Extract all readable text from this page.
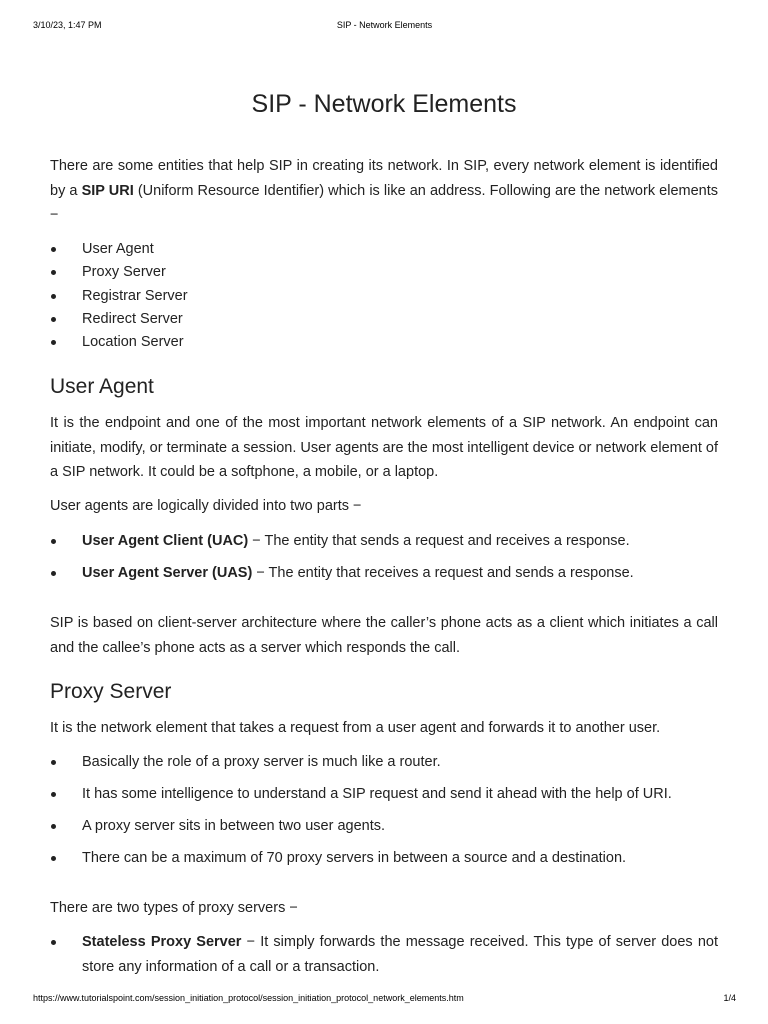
3/10/23, 1:47 PM	SIP - Network Elements
SIP - Network Elements

There are some entities that help SIP in creating its network. In SIP, every network element is identified by a SIP URI (Uniform Resource Identifier) which is like an address. Following are the network elements −

User Agent
Proxy Server
Registrar Server
Redirect Server
Location Server
User Agent

It is the endpoint and one of the most important network elements of a SIP network. An endpoint can initiate, modify, or terminate a session. User agents are the most intelligent device or network element of a SIP network. It could be a softphone, a mobile, or a laptop.

User agents are logically divided into two parts −

User Agent Client (UAC) − The entity that sends a request and receives a response.
User Agent Server (UAS) − The entity that receives a request and sends a response.

SIP is based on client-server architecture where the caller’s phone acts as a client which initiates a call and the callee’s phone acts as a server which responds the call.

Proxy Server

It is the network element that takes a request from a user agent and forwards it to another user.

Basically the role of a proxy server is much like a router.
It has some intelligence to understand a SIP request and send it ahead with the help of URI.
A proxy server sits in between two user agents.
There can be a maximum of 70 proxy servers in between a source and a destination.

There are two types of proxy servers −

Stateless Proxy Server − It simply forwards the message received. This type of server does not store any information of a call or a transaction.
https://www.tutorialspoint.com/session_initiation_protocol/session_initiation_protocol_network_elements.htm	1/4
